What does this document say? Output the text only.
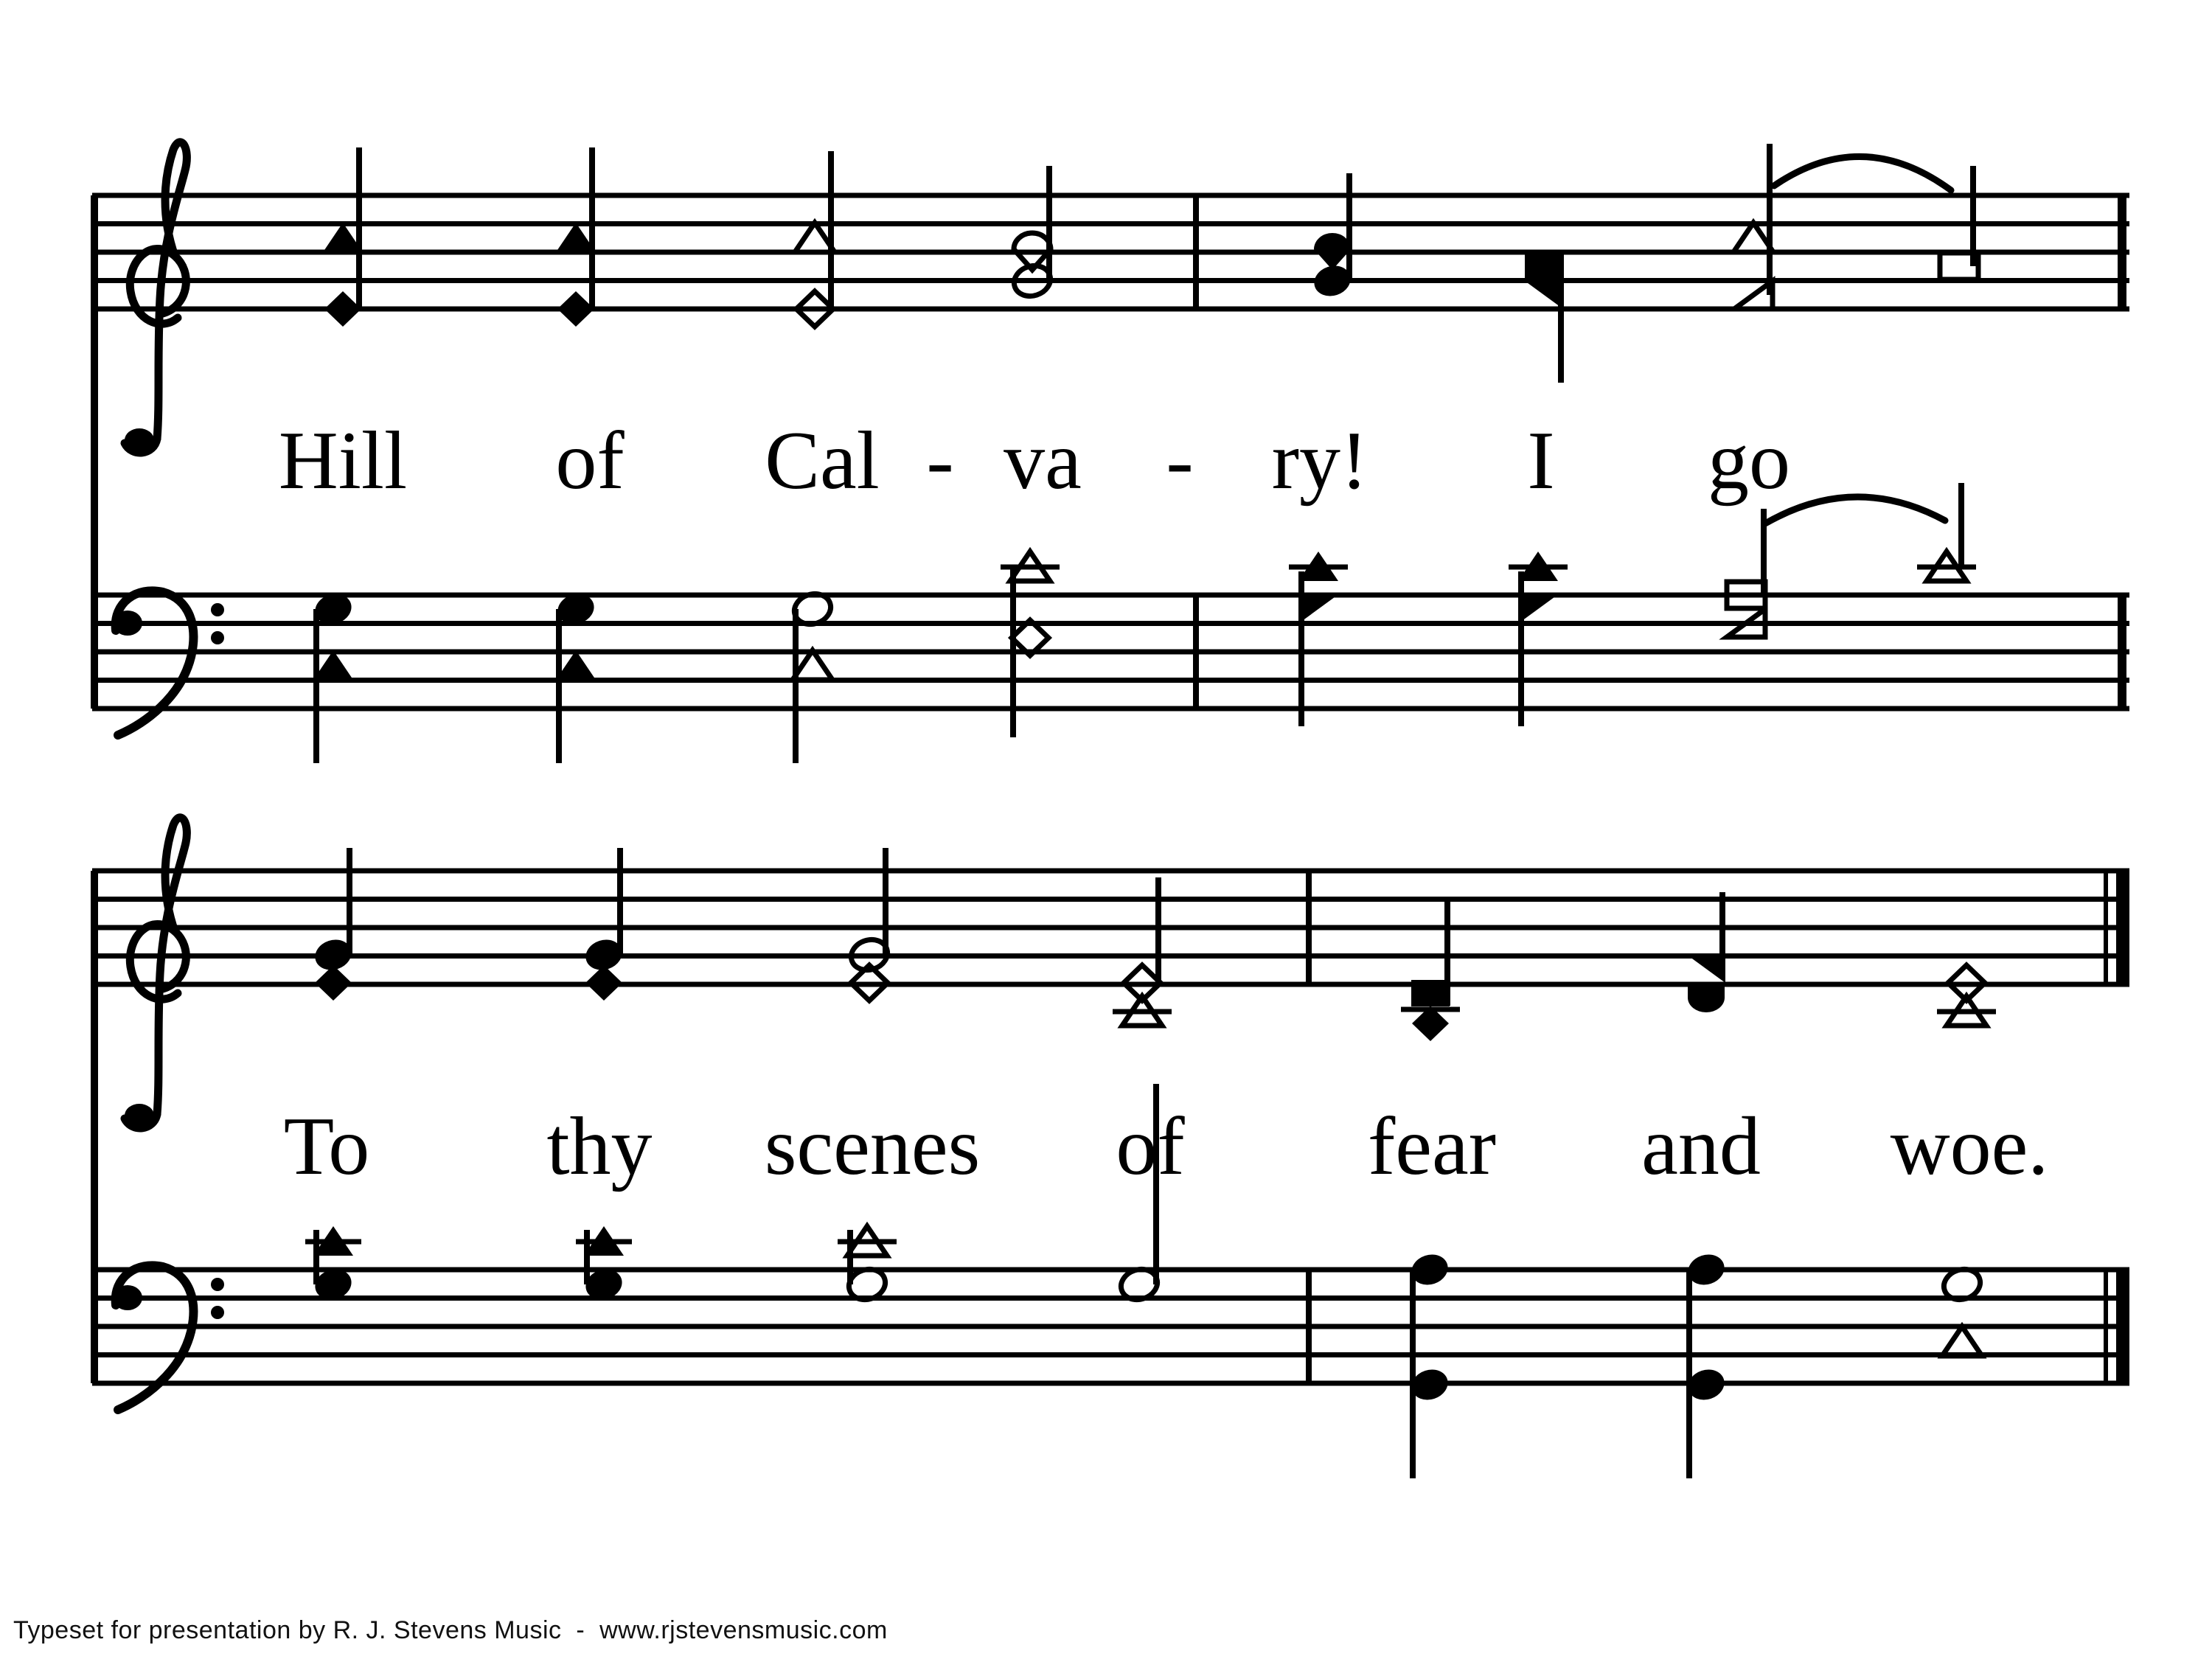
Hill of Cal - va - ry! I go
To thy scenes of fear and woe.
Typeset for presentation by R. J. Stevens Music  -  www.rjstevensmusic.com
